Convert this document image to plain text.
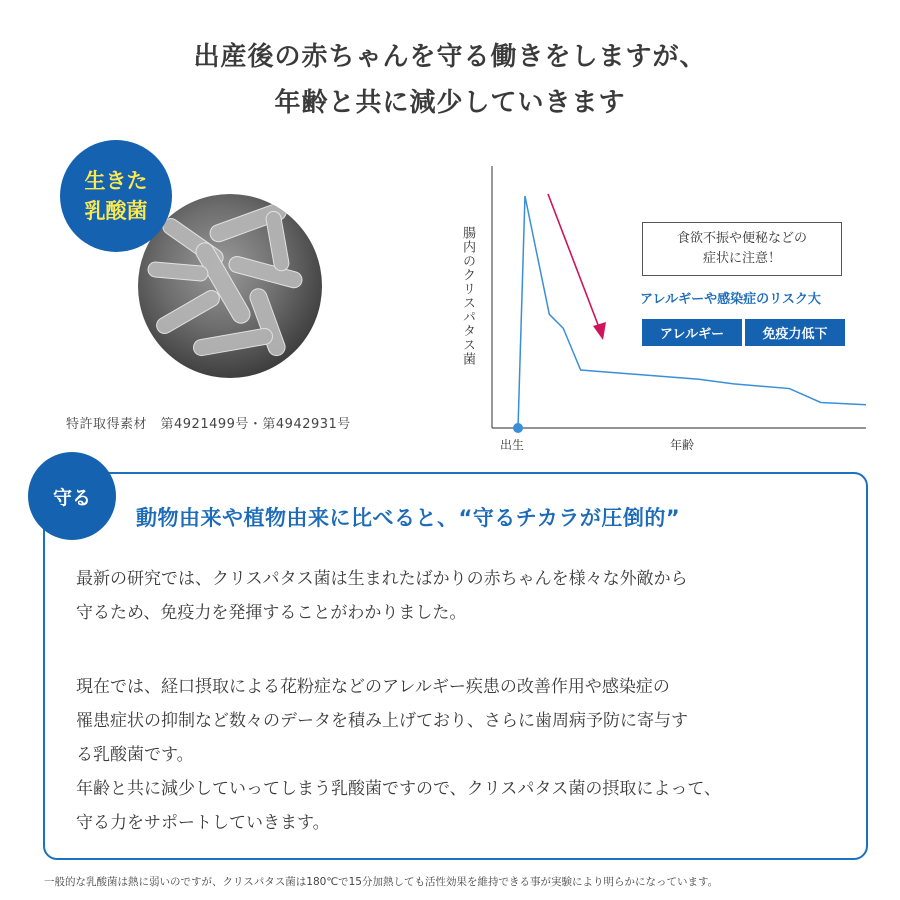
出産後の赤ちゃんを守る働きをしますが、
年齢と共に減少していきます
生きた
乳酸菌
特許取得素材　第4921499号・第4942931号
腸内のクリスパタス菌
出生	年齢
食欲不振や便秘などの
症状に注意！
アレルギーや感染症のリスク大
アレルギー	免疫力低下
守る
動物由来や植物由来に比べると、“守るチカラが圧倒的”
最新の研究では、クリスパタス菌は生まれたばかりの赤ちゃんを様々な外敵から
守るため、免疫力を発揮することがわかりました。
現在では、経口摂取による花粉症などのアレルギー疾患の改善作用や感染症の
罹患症状の抑制など数々のデータを積み上げており、さらに歯周病予防に寄与す
る乳酸菌です。
年齢と共に減少していってしまう乳酸菌ですので、クリスパタス菌の摂取によって、
守る力をサポートしていきます。
一般的な乳酸菌は熱に弱いのですが、クリスパタス菌は180℃で15分加熱しても活性効果を維持できる事が実験により明らかになっています。
